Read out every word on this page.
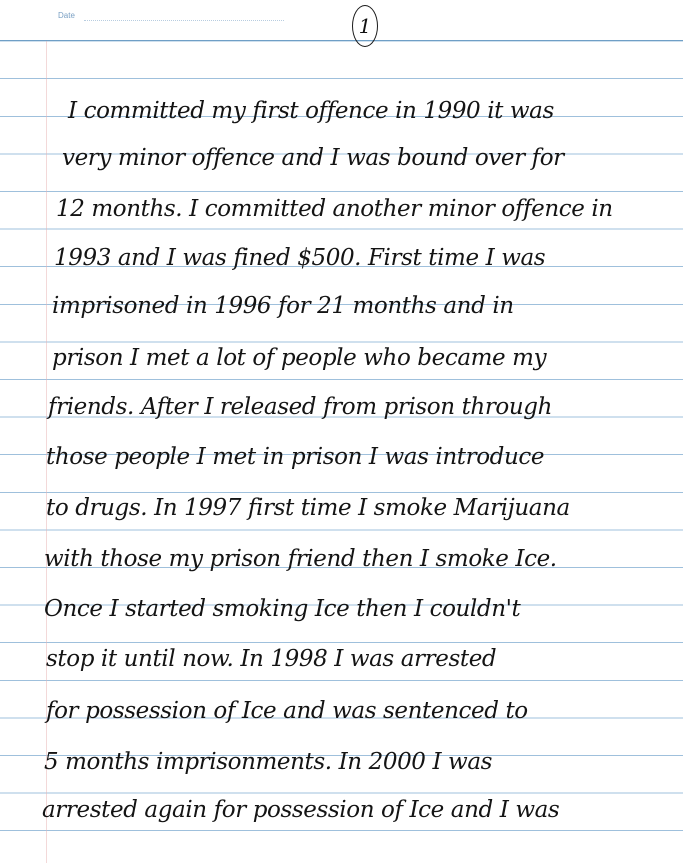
Date	1
I committed my first offence in 1990 it was
very minor offence and I was bound over for
12 months. I committed another minor offence in
1993 and I was fined $500. First time I was
imprisoned in 1996 for 21 months and in
prison I met a lot of people who became my
friends. After I released from prison through
those people I met in prison I was introduce
to drugs. In 1997 first time I smoke Marijuana
with those my prison friend then I smoke Ice.
Once I started smoking Ice then I couldn't
stop it until now. In 1998 I was arrested
for possession of Ice and was sentenced to
5 months imprisonments. In 2000 I was
arrested again for possession of Ice and I was
